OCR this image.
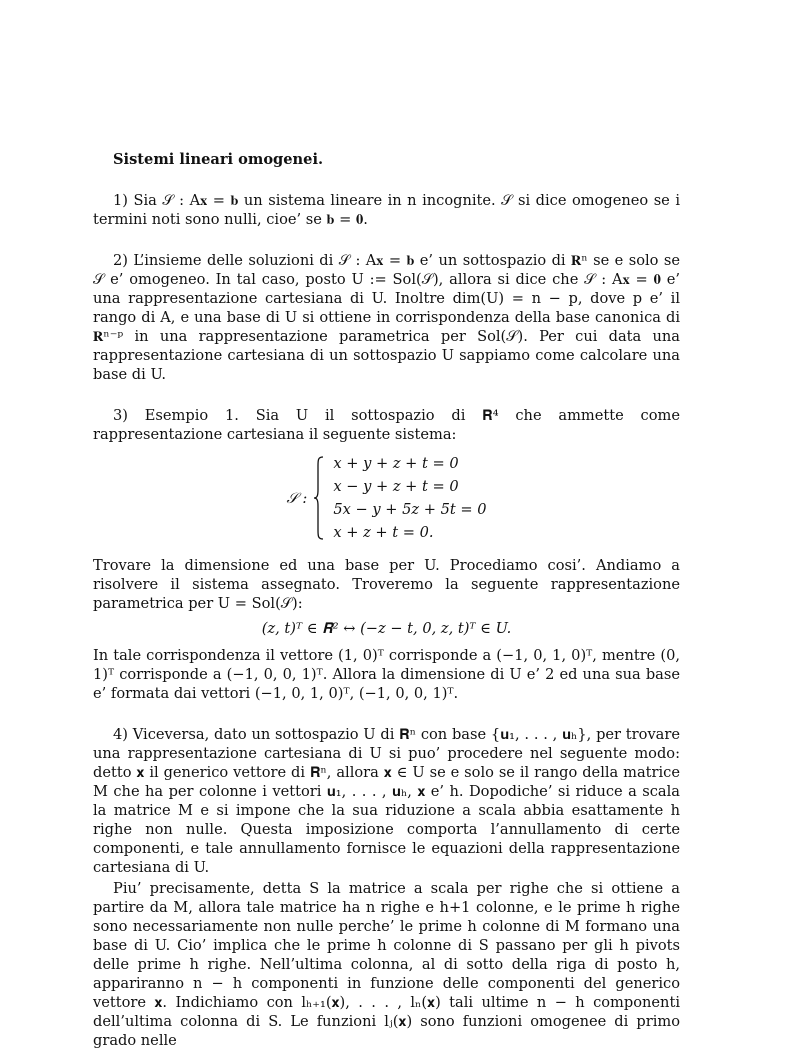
Sistemi lineari omogenei.

1) Sia 𝒮 : A𝐱 = 𝐛 un sistema lineare in n incognite. 𝒮 si dice omogeneo se i termini noti sono nulli, cioe’ se 𝐛 = 𝟎.

2) L’insieme delle soluzioni di 𝒮 : A𝐱 = 𝐛 e’ un sottospazio di 𝐑ⁿ se e solo se 𝒮 e’ omogeneo. In tal caso, posto U := Sol(𝒮), allora si dice che 𝒮 : A𝐱 = 𝟎 e’ una rappresentazione cartesiana di U. Inoltre dim(U) = n − p, dove p e’ il rango di A, e una base di U si ottiene in corrispondenza della base canonica di 𝐑ⁿ⁻ᵖ in una rappresentazione parametrica per Sol(𝒮). Per cui data una rappresentazione cartesiana di un sottospazio U sappiamo come calcolare una base di U.

3) Esempio 1. Sia U il sottospazio di 𝐑⁴ che ammette come rappresentazione cartesiana il seguente sistema:

𝒮 :
x + y + z + t = 0
x − y + z + t = 0
5x − y + 5z + 5t = 0
x + z + t = 0.

Trovare la dimensione ed una base per U. Procediamo cosi’. Andiamo a risolvere il sistema assegnato. Troveremo la seguente rappresentazione parametrica per U = Sol(𝒮):

(z, t)ᵀ ∈ 𝐑² ↔ (−z − t, 0, z, t)ᵀ ∈ U.

In tale corrispondenza il vettore (1, 0)ᵀ corrisponde a (−1, 0, 1, 0)ᵀ, mentre (0, 1)ᵀ corrisponde a (−1, 0, 0, 1)ᵀ. Allora la dimensione di U e’ 2 ed una sua base e’ formata dai vettori (−1, 0, 1, 0)ᵀ, (−1, 0, 0, 1)ᵀ.

4) Viceversa, dato un sottospazio U di 𝐑ⁿ con base {𝐮₁, . . . , 𝐮ₕ}, per trovare una rappresentazione cartesiana di U si puo’ procedere nel seguente modo: detto 𝐱 il generico vettore di 𝐑ⁿ, allora 𝐱 ∈ U se e solo se il rango della matrice M che ha per colonne i vettori 𝐮₁, . . . , 𝐮ₕ, 𝐱 e’ h. Dopodiche’ si riduce a scala la matrice M e si impone che la sua riduzione a scala abbia esattamente h righe non nulle. Questa imposizione comporta l’annullamento di certe componenti, e tale annullamento fornisce le equazioni della rappresentazione cartesiana di U.

Piu’ precisamente, detta S la matrice a scala per righe che si ottiene a partire da M, allora tale matrice ha n righe e h+1 colonne, e le prime h righe sono necessariamente non nulle perche’ le prime h colonne di M formano una base di U. Cio’ implica che le prime h colonne di S passano per gli h pivots delle prime h righe. Nell’ultima colonna, al di sotto della riga di posto h, appariranno n − h componenti in funzione delle componenti del generico vettore 𝐱. Indichiamo con lₕ₊₁(𝐱), . . . , lₙ(𝐱) tali ultime n − h componenti dell’ultima colonna di S. Le funzioni lⱼ(𝐱) sono funzioni omogenee di primo grado nelle
